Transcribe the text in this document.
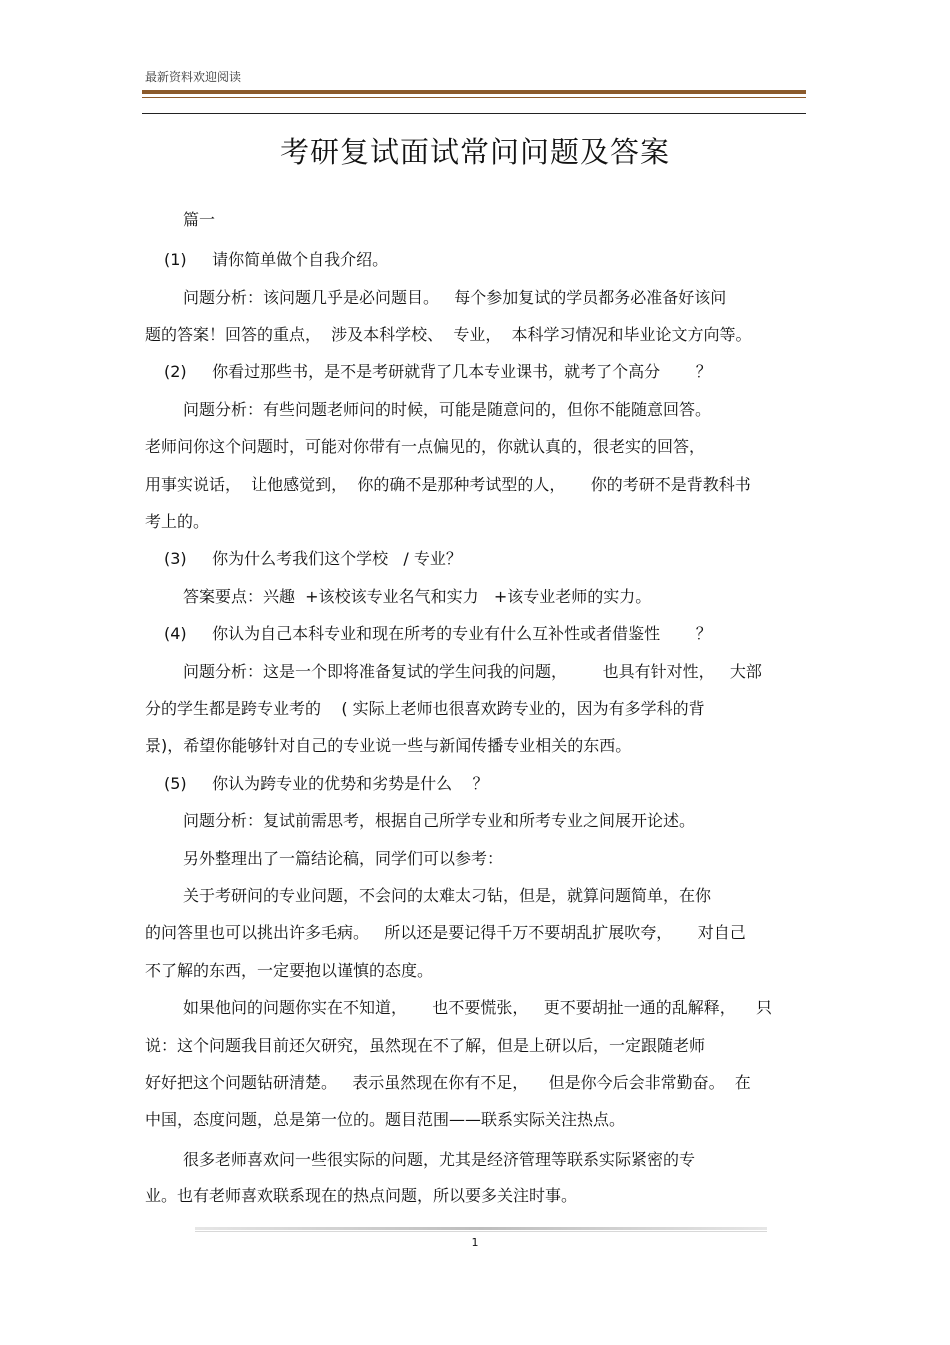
最新资料欢迎阅读
考研复试面试常问问题及答案
篇一
(1)     请你简单做个自我介绍。
问题分析：该问题几乎是必问题目。   每个参加复试的学员都务必准备好该问
题的答案！回答的重点，  涉及本科学校、  专业，  本科学习情况和毕业论文方向等。
(2)     你看过那些书，是不是考研就背了几本专业课书，就考了个高分       ？
问题分析：有些问题老师问的时候，可能是随意问的，但你不能随意回答。
老师问你这个问题时，可能对你带有一点偏见的，你就认真的，很老实的回答，
用事实说话，  让他感觉到，  你的确不是那种考试型的人，     你的考研不是背教科书
考上的。
(3)     你为什么考我们这个学校   / 专业？
答案要点：兴趣  +该校该专业名气和实力   +该专业老师的实力。
(4)     你认为自己本科专业和现在所考的专业有什么互补性或者借鉴性       ？
问题分析：这是一个即将准备复试的学生问我的问题，       也具有针对性，   大部
分的学生都是跨专业考的    ( 实际上老师也很喜欢跨专业的，因为有多学科的背
景)，希望你能够针对自己的专业说一些与新闻传播专业相关的东西。
(5)     你认为跨专业的优势和劣势是什么    ？
问题分析：复试前需思考，根据自己所学专业和所考专业之间展开论述。
另外整理出了一篇结论稿，同学们可以参考：
关于考研问的专业问题，不会问的太难太刁钻，但是，就算问题简单，在你
的问答里也可以挑出许多毛病。   所以还是要记得千万不要胡乱扩展吹夸，     对自己
不了解的东西，一定要抱以谨慎的态度。
如果他问的问题你实在不知道，     也不要慌张，   更不要胡扯一通的乱解释，    只
说：这个问题我目前还欠研究，虽然现在不了解，但是上研以后，一定跟随老师
好好把这个问题钻研清楚。   表示虽然现在你有不足，    但是你今后会非常勤奋。  在
中国，态度问题，总是第一位的。题目范围——联系实际关注热点。
很多老师喜欢问一些很实际的问题，尤其是经济管理等联系实际紧密的专
业。也有老师喜欢联系现在的热点问题，所以要多关注时事。
1
